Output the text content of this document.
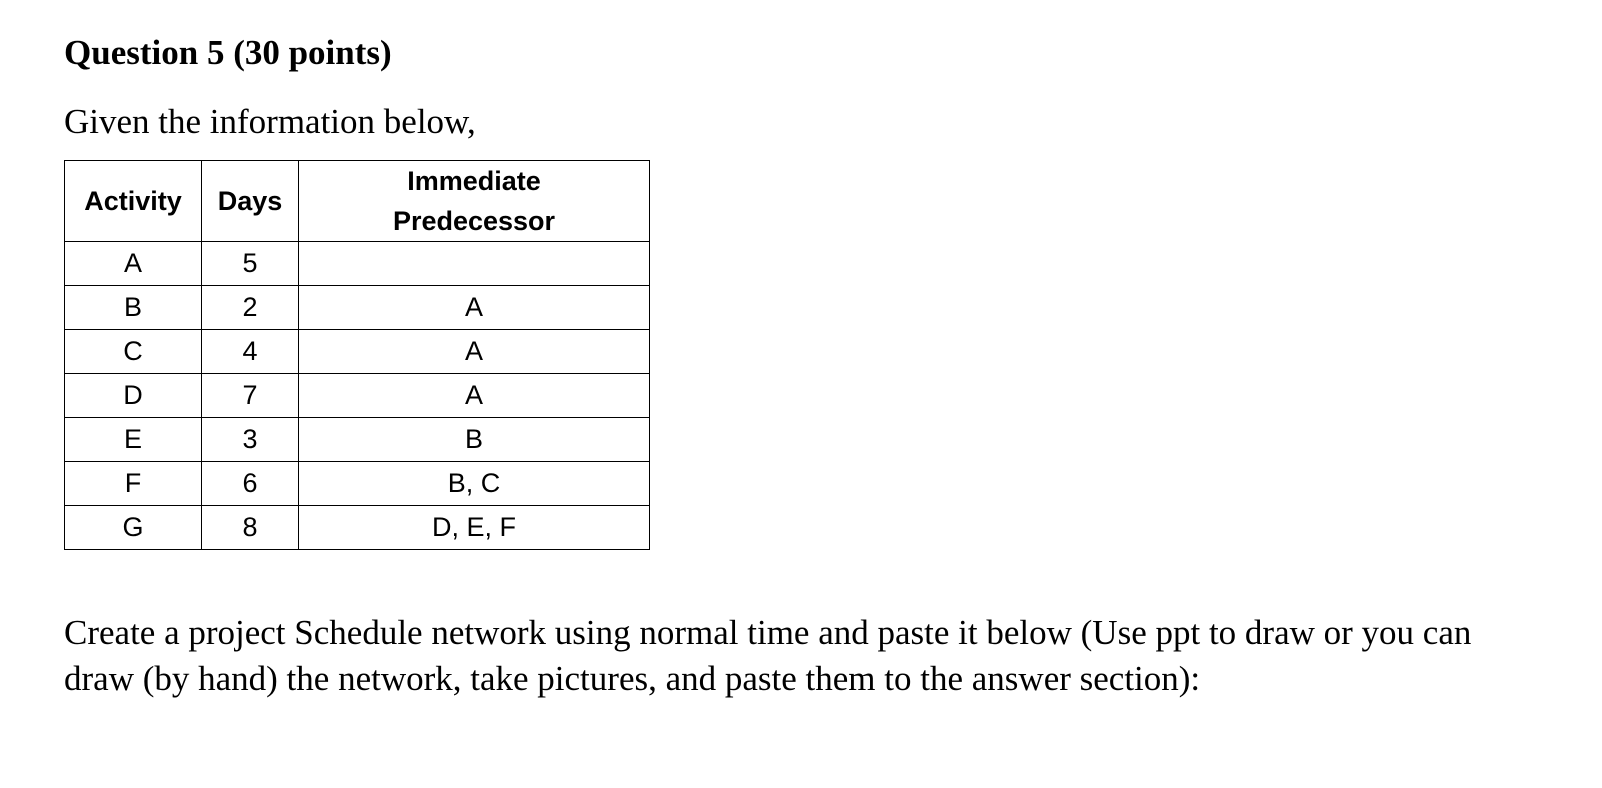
Question 5 (30 points)

Given the information below,

Activity	Days	Immediate
Predecessor
A	5	
B	2	A
C	4	A
D	7	A
E	3	B
F	6	B, C
G	8	D, E, F

Create a project Schedule network using normal time and paste it below (Use ppt to draw or you can draw (by hand) the network, take pictures, and paste them to the answer section):
